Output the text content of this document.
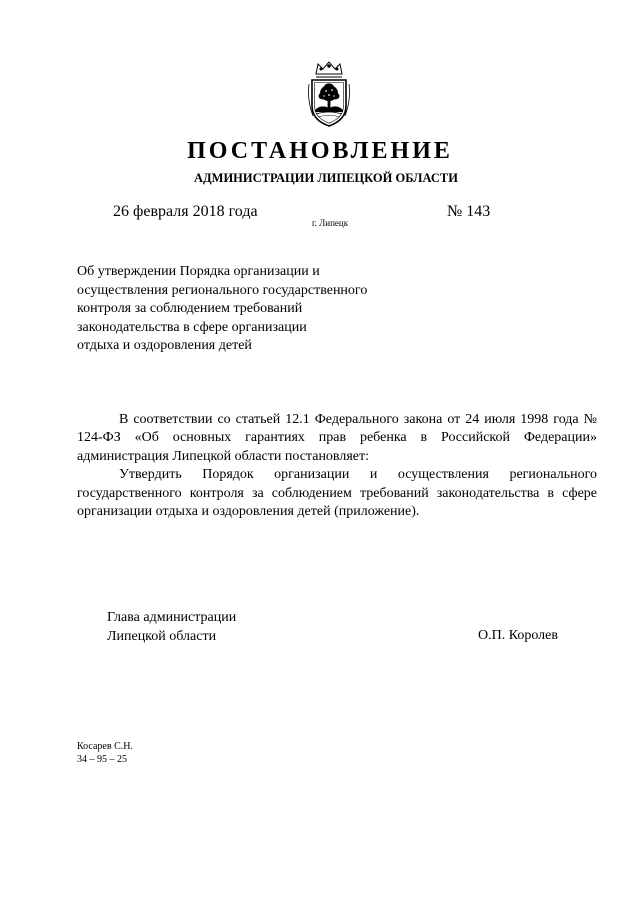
ПОСТАНОВЛЕНИЕ
АДМИНИСТРАЦИИ ЛИПЕЦКОЙ ОБЛАСТИ
26 февраля 2018 года
г. Липецк
№ 143
Об утверждении Порядка организации и
осуществления регионального государственного
контроля за соблюдением требований
законодательства в сфере организации
отдыха и оздоровления детей

В соответствии со статьей 12.1 Федерального закона от 24 июля 1998 года № 124-ФЗ «Об основных гарантиях прав ребенка в Российской Федерации» администрация Липецкой области постановляет:

Утвердить Порядок организации и осуществления регионального государственного контроля за соблюдением требований законодательства в сфере организации отдыха и оздоровления детей (приложение).

Глава администрации
Липецкой области	О.П. Королев
Косарев С.Н.
34 – 95 – 25
